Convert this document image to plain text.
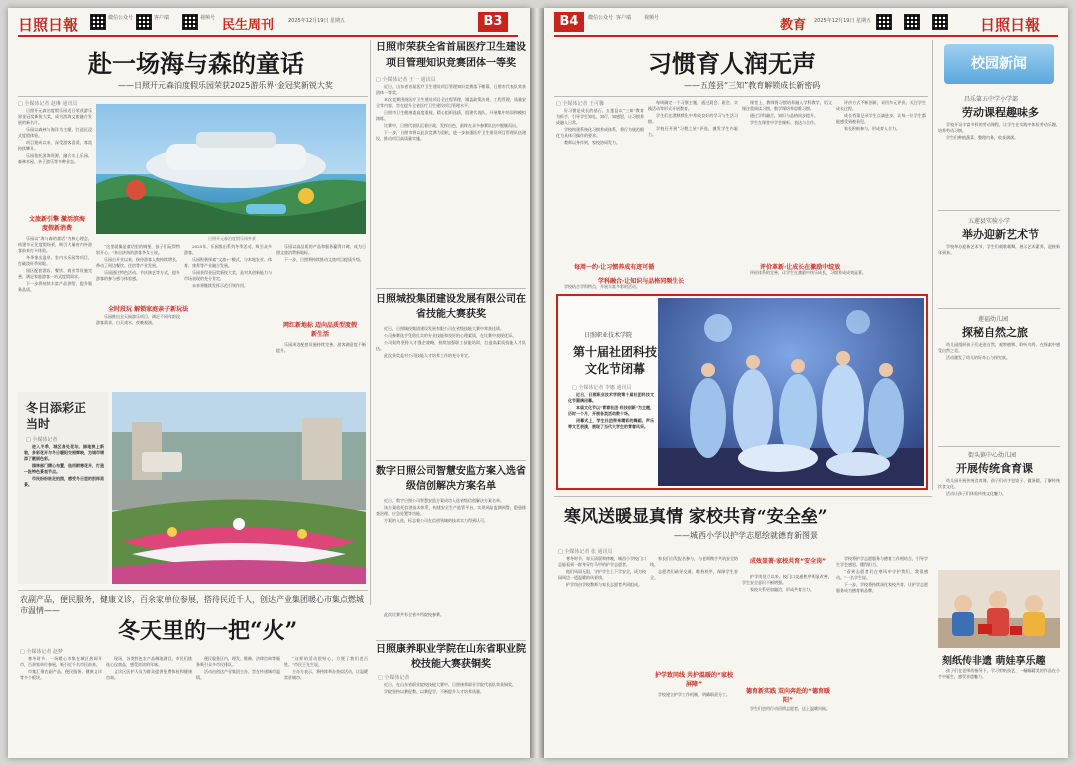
日照日報	微信公众号	客户端	视频号 民生周刊	2025年12月19日 星期五	B3
赴一场海与森的童话
——日照开元森泊度假乐园荣获2025游乐界·金冠奖新锐大奖
□ 全媒体记者 赵琳 通讯员

日照开元森泊度假乐园近日荣获游乐界金冠奖新锐大奖，成为滨海文旅融合发展的新名片。

乐园以森林与海洋为主题，打造沉浸式度假体验。

项目建成以来，深受游客喜爱，客流持续攀升。

乐园依托滨海资源，融合水上乐园、森林木屋、亲子游乐等多种业态。

文旅新引擎 激活滨海度假新消费

乐园以“海与森的童话”为核心理念，构建多元化度假场景，吸引大量省内外游客前来打卡体验。

冬季推出温泉、室内水乐园等项目，打破淡旺季界限。

园区配套酒店、餐饮、商业等设施完善，满足家庭游客一站式度假需求。

下一步将持续丰富产品供给，提升服务品质。

日照开元森泊度假乐园外景

“这里就像是童话里的城堡，孩子们玩得特别开心。”来自济南的游客李女士说。

乐园自开业以来，接待游客人数持续增长，带动了周边餐饮、住宿等产业发展。

乐园通过特色活动、节庆演艺等方式，提升游客的参与感与体验感。

全时段玩 解锁家庭亲子新玩法

乐园推出全天候游乐项目，满足不同年龄段游客需求，白天戏水、夜晚观演。

2025年，乐园推出系列冬季活动，吸引众多游客。

乐园积极探索“文旅+”模式，与本地农业、体育、康养等产业融合发展。

乐园获得金冠奖新锐大奖，是对其创新能力与市场表现的充分肯定。

未来将继续发挥示范引领作用。

乐园以高品质的产品和服务赢得口碑，成为日照文旅消费新地标。

下一步，日照将持续推动文旅项目提质升级。

网红新地标 迈向品质型度假新生活

乐园周边配套设施持续完善，游客满意度不断提升。

日照市荣获全省首届医疗卫生建设项目管理知识竞赛团体一等奖
□ 全媒体记者 王一 通讯员

近日，山东省首届医疗卫生建设项目管理知识竞赛落下帷幕，日照市代表队荣获团体一等奖。

本次竞赛围绕医疗卫生建设项目全过程管理，涵盖政策法规、工程管理、质量安全等内容，旨在提升全省医疗卫生建设项目管理水平。

日照市卫生健康委高度重视，精心组织选拔，组建代表队，开展集中培训和模拟演练。

比赛中，日照代表队沉着应战，发挥出色，最终在众多参赛队伍中脱颖而出。

下一步，日照市将以此次竞赛为契机，进一步加强医疗卫生建设项目管理队伍建设，推动项目高质量实施。

日照城投集团建设发展有限公司在省技能大赛获奖

近日，日照城投集团建设发展有限公司在省级技能大赛中荣获佳绩。

公司参赛选手凭借扎实的专业技能和良好的心理素质，在比赛中表现优异。

公司始终坚持人才强企战略，持续加强职工技能培训，打造高素质技能人才队伍。

此次获奖是对公司技能人才培养工作的充分肯定。

数字日照公司智慧安监方案入选省级信创解决方案名单

近日，数字日照公司智慧安监方案成功入选省级信创解决方案名单。

该方案依托信创技术体系，构建安全生产监管平台，实现风险监测预警、隐患排查治理、应急处置等功能。

方案的入选，标志着公司在信创领域的技术实力得到认可。

冬日添彩正当时
□ 全媒体记者

进入冬季，城区各处花坛、绿地换上新装，多彩花卉与冬日暖阳交相辉映，为城市增添了靓丽色彩。

园林部门精心布置，选用耐寒花卉，打造一批特色景观节点。

市民纷纷驻足拍照，感受冬日里的别样美景。

农副产品，便民服务，健康义诊，百余家单位参展，搭待民近千人，创达产业集团暖心市集点燃城市温情——
冬天里的一把“火”
□ 全媒体记者 赵梦

寒冬时节，一场暖心市集在城区热闹开市，百余家单位参展，吸引近千名市民前来。

市集汇聚农副产品、便民服务、健康义诊等多个板块。

现场，各类特色农产品琳琅满目，市民们挑选心仪商品，感受浓浓的年味。

义诊区医护人员为群众提供免费体检和健康咨询。

便民服务区内，理发、维修、法律咨询等服务吸引众多市民排队。

活动由创达产业集团主办，旨在传递城市温情。

“这样的活动很贴心，方便了我们老百姓。”市民王先生说。

主办方表示，将持续举办类似活动，让温暖常驻城市。

此次比赛共有全省多所院校参赛。

日照康养职业学院在山东省职业院校技能大赛获铜奖
□ 全媒体记者

近日，在山东省职业院校技能大赛中，日照康养职业学院代表队荣获铜奖。

学院坚持以赛促教、以赛促学，不断提升人才培养质量。

B4	微信公众号 客户端	视频号	教育 2025年12月19日 星期五	日照日報
习惯育人润无声
——五莲县“三知”教育解锁成长新密码
□ 全媒体记者 王可馨

好习惯是成长的基石。五莲县以“三知”教育为抓手，引导学生知礼、知行、知感恩，让习惯养成融入日常。

学校构建系统化习惯养成体系，将行为规范细化为具体可操作的要求。

教师以身作则，家校协同发力。

每周确定一个习惯主题，通过晨会、班会、实践活动等形式开展教育。

学生们在潜移默化中养成良好的学习与生活习惯。

学校还开展“习惯之星”评选，激发学生内驱力。

课堂上，教师将习惯培养融入学科教学，语文课注重阅读习惯，数学课培养思维习惯。

通过学科融合，知识与品格同步提升。

学生在课堂中学会倾听、表达与合作。

评价方式不断创新，采用多元评价，关注学生成长过程。

成长档案记录学生点滴进步，让每一位学生都能感受到被看见。

家长积极参与，形成育人合力。

每周一约·让习惯养成有迹可循
学科融合·让知识与品格同频生长
评价革新·让成长在激励中绽放

学校结合学科特点，开展丰富多彩的活动。

评价体系的完善，让学生在激励中快乐成长，习惯养成成效显著。

日照职业技术学院
第十届社团科技文化节闭幕
□ 全媒体记者 李娜 通讯员

近日，日照职业技术学院第十届社团科技文化节圆满闭幕。

本届文化节以“青春社团·科技创新”为主题，历时一个月，开展各类活动数十场。

闭幕式上，学生社团带来精彩的舞蹈、声乐等文艺表演，展现了当代大学生的青春风采。

校园新闻
昌乐第五中学小学部
劳动课程趣味多

学校开设丰富多样的劳动课程，让学生在实践中体验劳动乐趣，培养劳动习惯。

学生们种植蔬菜、整理内务，收获满满。

五莲县实验小学
举办迎新艺术节

学校举办迎新艺术节，学生们载歌载舞，展示艺术素养，迎接新年到来。

莲福幼儿园
探秘自然之旅

幼儿园组织孩子们走进自然，观察植物、聆听鸟鸣，在探索中感受自然之美。

活动激发了幼儿的好奇心与探究欲。

街头镇中心幼儿园
开展传统食育课

幼儿园开展传统食育课，孩子们动手包饺子、做汤圆，了解传统饮食文化。

活动让孩子们体验传统文化魅力。

刻纸传非遗 萌娃享乐趣

孩子们在老师的指导下，学习剪纸技艺，一幅幅精美的作品在小手中诞生，感受非遗魅力。

寒风送暖显真情 家校共育“安全垒”
——城西小学以护学志愿绘就德育新图景
□ 全媒体记者 张 通讯员

寒冬时节，每天清晨和傍晚，城西小学校门口总能看到一群身穿红马甲的护学志愿者。

他们风雨无阻，守护学生上下学安全，成为校园周边一道温暖的风景线。

护学岗由学校教师与家长志愿者共同组成。

家长们自发报名参与，与老师携手共筑安全防线。

志愿者们疏导交通、维持秩序，保障学生安全。

护学致同线 共护温暖的“家校屏障”

学校建立护学工作机制，明确职责分工。

成效显著·家校共育“安全岗”

护学岗设立以来，校门口交通秩序明显改善，学生安全意识不断增强。

家校关系更加融洽，形成共育合力。

德育新实践 双向奔赴的“德育暖阳”

学生们也用行动回馈志愿者，送上温暖问候。

学校将护学志愿服务与德育工作相结合，引导学生学会感恩、懂得担当。

“看到志愿者们在寒风中守护我们，我很感动。”一名学生说。

下一步，学校将持续深化家校共育，让护学志愿服务成为德育新品牌。
